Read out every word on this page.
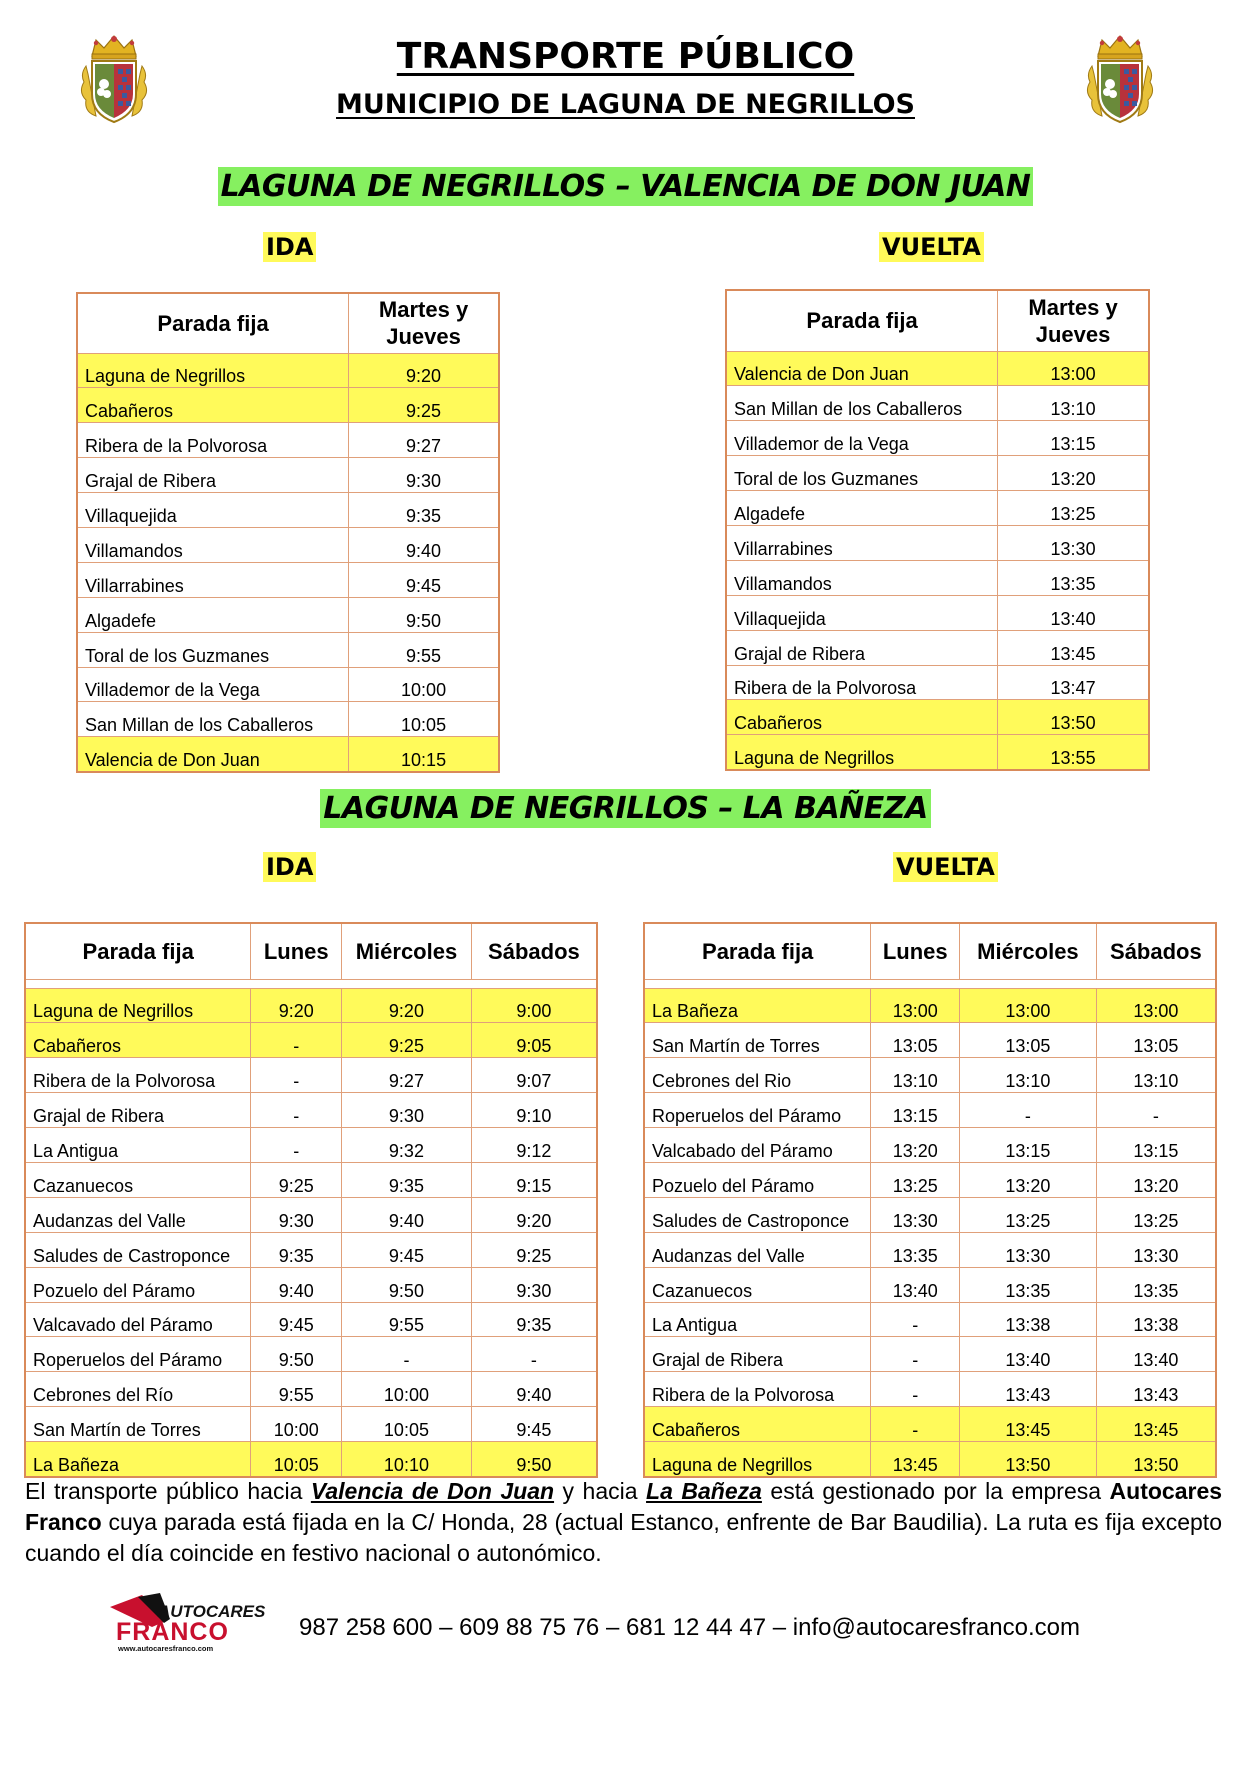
TRANSPORTE PÚBLICO
MUNICIPIO DE LAGUNA DE NEGRILLOS
LAGUNA DE NEGRILLOS – VALENCIA DE DON JUAN
IDA	VUELTA
Parada fija	Martes y Jueves
Laguna de Negrillos	9:20
Cabañeros	9:25
Ribera de la Polvorosa	9:27
Grajal de Ribera	9:30
Villaquejida	9:35
Villamandos	9:40
Villarrabines	9:45
Algadefe	9:50
Toral de los Guzmanes	9:55
Villademor de la Vega	10:00
San Millan de los Caballeros	10:05
Valencia de Don Juan	10:15
Parada fija	Martes y Jueves
Valencia de Don Juan	13:00
San Millan de los Caballeros	13:10
Villademor de la Vega	13:15
Toral de los Guzmanes	13:20
Algadefe	13:25
Villarrabines	13:30
Villamandos	13:35
Villaquejida	13:40
Grajal de Ribera	13:45
Ribera de la Polvorosa	13:47
Cabañeros	13:50
Laguna de Negrillos	13:55
LAGUNA DE NEGRILLOS – LA BAÑEZA
IDA	VUELTA
Parada fija	Lunes	Miércoles	Sábados

Laguna de Negrillos	9:20	9:20	9:00
Cabañeros	-	9:25	9:05
Ribera de la Polvorosa	-	9:27	9:07
Grajal de Ribera	-	9:30	9:10
La Antigua	-	9:32	9:12
Cazanuecos	9:25	9:35	9:15
Audanzas del Valle	9:30	9:40	9:20
Saludes de Castroponce	9:35	9:45	9:25
Pozuelo del Páramo	9:40	9:50	9:30
Valcavado del Páramo	9:45	9:55	9:35
Roperuelos del Páramo	9:50	-	-
Cebrones del Río	9:55	10:00	9:40
San Martín de Torres	10:00	10:05	9:45
La Bañeza	10:05	10:10	9:50
Parada fija	Lunes	Miércoles	Sábados

La Bañeza	13:00	13:00	13:00
San Martín de Torres	13:05	13:05	13:05
Cebrones del Rio	13:10	13:10	13:10
Roperuelos del Páramo	13:15	-	-
Valcabado del Páramo	13:20	13:15	13:15
Pozuelo del Páramo	13:25	13:20	13:20
Saludes de Castroponce	13:30	13:25	13:25
Audanzas del Valle	13:35	13:30	13:30
Cazanuecos	13:40	13:35	13:35
La Antigua	-	13:38	13:38
Grajal de Ribera	-	13:40	13:40
Ribera de la Polvorosa	-	13:43	13:43
Cabañeros	-	13:45	13:45
Laguna de Negrillos	13:45	13:50	13:50
El transporte público hacia Valencia de Don Juan y hacia La Bañeza está gestionado por la empresa Autocares Franco cuya parada está fijada en la C/ Honda, 28 (actual Estanco, enfrente de Bar Baudilia). La ruta es fija excepto cuando el día coincide en festivo nacional o autonómico.
AUTOCARES
FRANCO
www.autocaresfranco.com
987 258 600 – 609 88 75 76 – 681 12 44 47 – info@autocaresfranco.com
